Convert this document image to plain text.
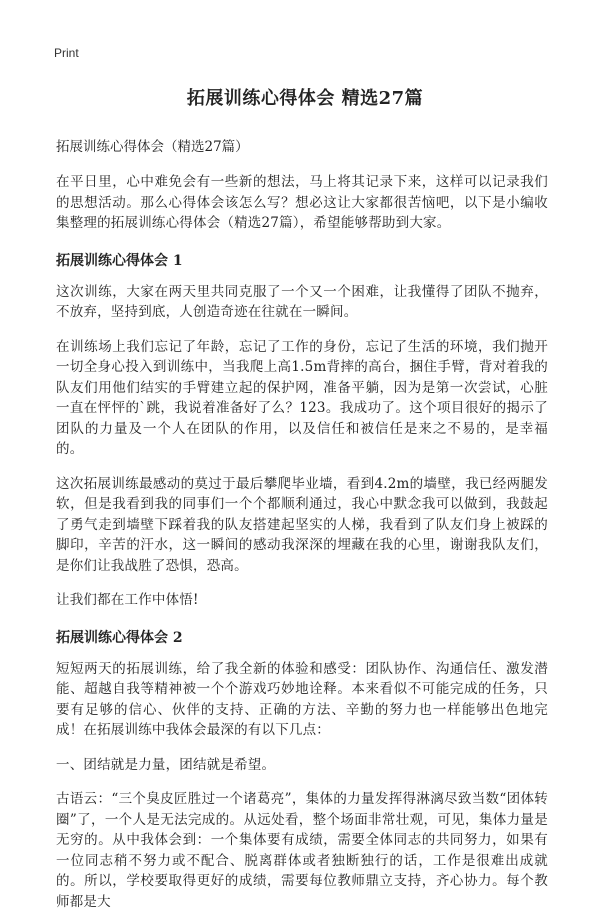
Print
拓展训练心得体会 精选27篇
拓展训练心得体会（精选27篇）

在平日里，心中难免会有一些新的想法，马上将其记录下来，这样可以记录我们的思想活动。那么心得体会该怎么写？想必这让大家都很苦恼吧，以下是小编收集整理的拓展训练心得体会（精选27篇），希望能够帮助到大家。

拓展训练心得体会 1

这次训练，大家在两天里共同克服了一个又一个困难，让我懂得了团队不抛弃，不放弃，坚持到底，人创造奇迹在往就在一瞬间。

在训练场上我们忘记了年龄，忘记了工作的身份，忘记了生活的环境，我们抛开一切全身心投入到训练中，当我爬上高1.5m背摔的高台，捆住手臂，背对着我的队友们用他们结实的手臂建立起的保护网，准备平躺，因为是第一次尝试，心脏一直在怦怦的`跳，我说着准备好了么？123。我成功了。这个项目很好的揭示了团队的力量及一个人在团队的作用，以及信任和被信任是来之不易的，是幸福的。

这次拓展训练最感动的莫过于最后攀爬毕业墙，看到4.2m的墙壁，我已经两腿发软，但是我看到我的同事们一个个都顺利通过，我心中默念我可以做到，我鼓起了勇气走到墙壁下踩着我的队友搭建起坚实的人梯，我看到了队友们身上被踩的脚印，辛苦的汗水，这一瞬间的感动我深深的埋藏在我的心里，谢谢我队友们，是你们让我战胜了恐惧，恐高。

让我们都在工作中体悟!

拓展训练心得体会 2

短短两天的拓展训练，给了我全新的体验和感受：团队协作、沟通信任、激发潜能、超越自我等精神被一个个游戏巧妙地诠释。本来看似不可能完成的任务，只要有足够的信心、伙伴的支持、正确的方法、辛勤的努力也一样能够出色地完成！在拓展训练中我体会最深的有以下几点：

一、团结就是力量，团结就是希望。

古语云：“三个臭皮匠胜过一个诸葛亮”，集体的力量发挥得淋漓尽致当数“团体转圈”了，一个人是无法完成的。从远处看，整个场面非常壮观，可见，集体力量是无穷的。从中我体会到：一个集体要有成绩，需要全体同志的共同努力，如果有一位同志稍不努力或不配合、脱离群体或者独断独行的话，工作是很难出成就的。所以，学校要取得更好的成绩，需要每位教师鼎立支持，齐心协力。每个教师都是大
